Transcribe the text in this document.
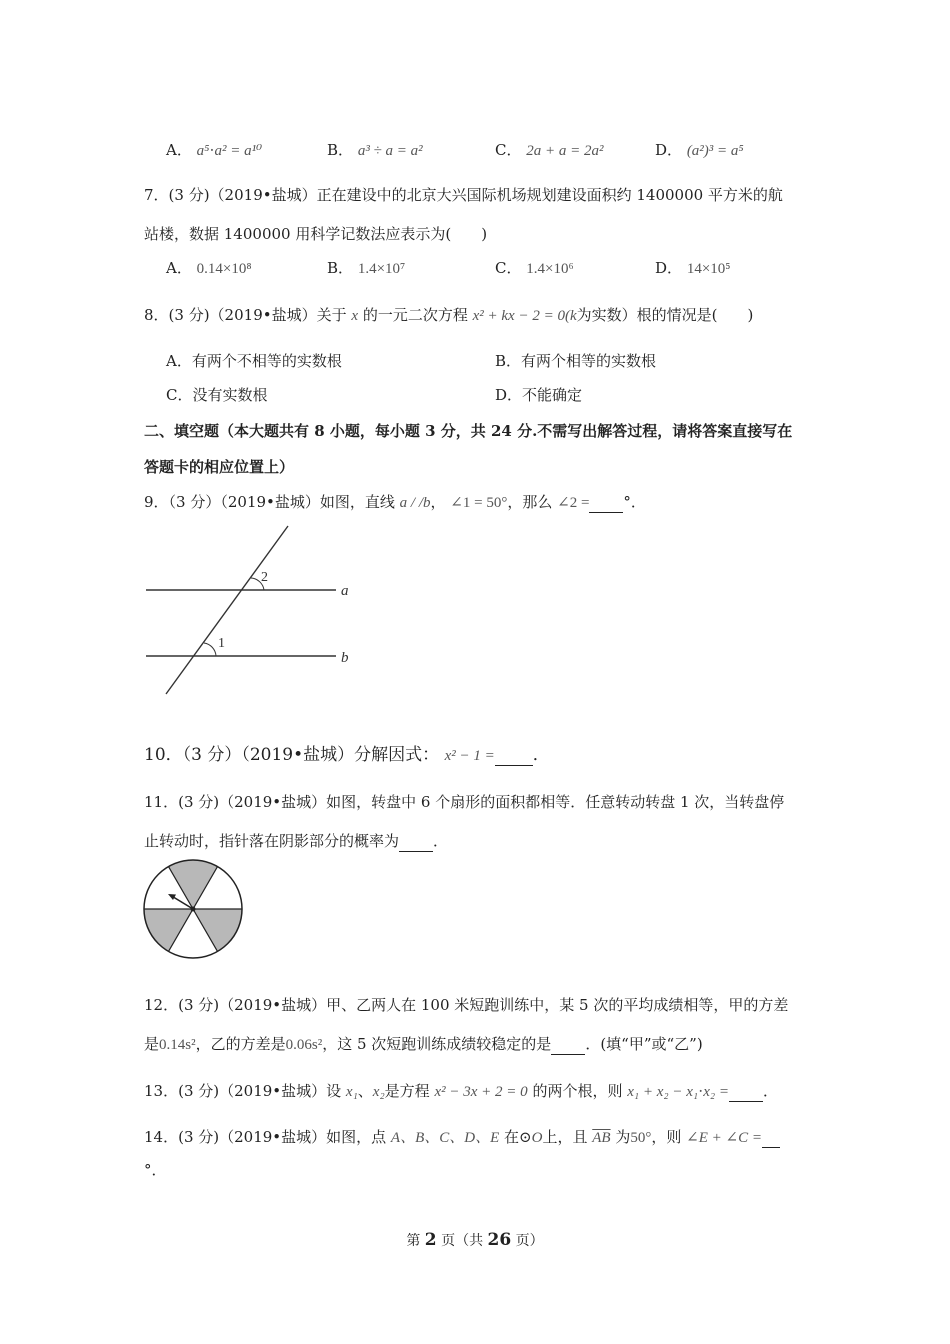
A． a⁵⋅a² = a¹⁰	B． a³ ÷ a = a²	C． 2a + a = 2a²	D． (a²)³ = a⁵
7．(3 分)（2019•盐城）正在建设中的北京大兴国际机场规划建设面积约 1400000 平方米的航
站楼，数据 1400000 用科学记数法应表示为(　　)
A． 0.14×10⁸	B． 1.4×10⁷	C． 1.4×10⁶	D． 14×10⁵
8．(3 分)（2019•盐城）关于 x 的一元二次方程 x² + kx − 2 = 0(k为实数）根的情况是(　　)
A．有两个不相等的实数根	B．有两个相等的实数根
C．没有实数根	D．不能确定
二、填空题（本大题共有 8 小题，每小题 3 分，共 24 分.不需写出解答过程，请将答案直接写在
答题卡的相应位置上）
9．（3 分）（2019•盐城）如图，直线 a / /b， ∠1 = 50°，那么 ∠2 = °．
2
1
a
b
10．（3 分）（2019•盐城）分解因式： x² − 1 = ．
11．(3 分)（2019•盐城）如图，转盘中 6 个扇形的面积都相等．任意转动转盘 1 次，当转盘停
止转动时，指针落在阴影部分的概率为 ．
12．(3 分)（2019•盐城）甲、乙两人在 100 米短跑训练中，某 5 次的平均成绩相等，甲的方差
是0.14s²，乙的方差是0.06s²，这 5 次短跑训练成绩较稳定的是 ．(填“甲”或“乙”)
13．(3 分)（2019•盐城）设 x₁、x₂是方程 x² − 3x + 2 = 0 的两个根，则 x₁ + x₂ − x₁⋅x₂ = ．
14．(3 分)（2019•盐城）如图，点 A、B、C、D、E 在⊙O上，且 $\overline{AB}$ 为50°，则 ∠E + ∠C =
°．
第 2 页（共 26 页）
